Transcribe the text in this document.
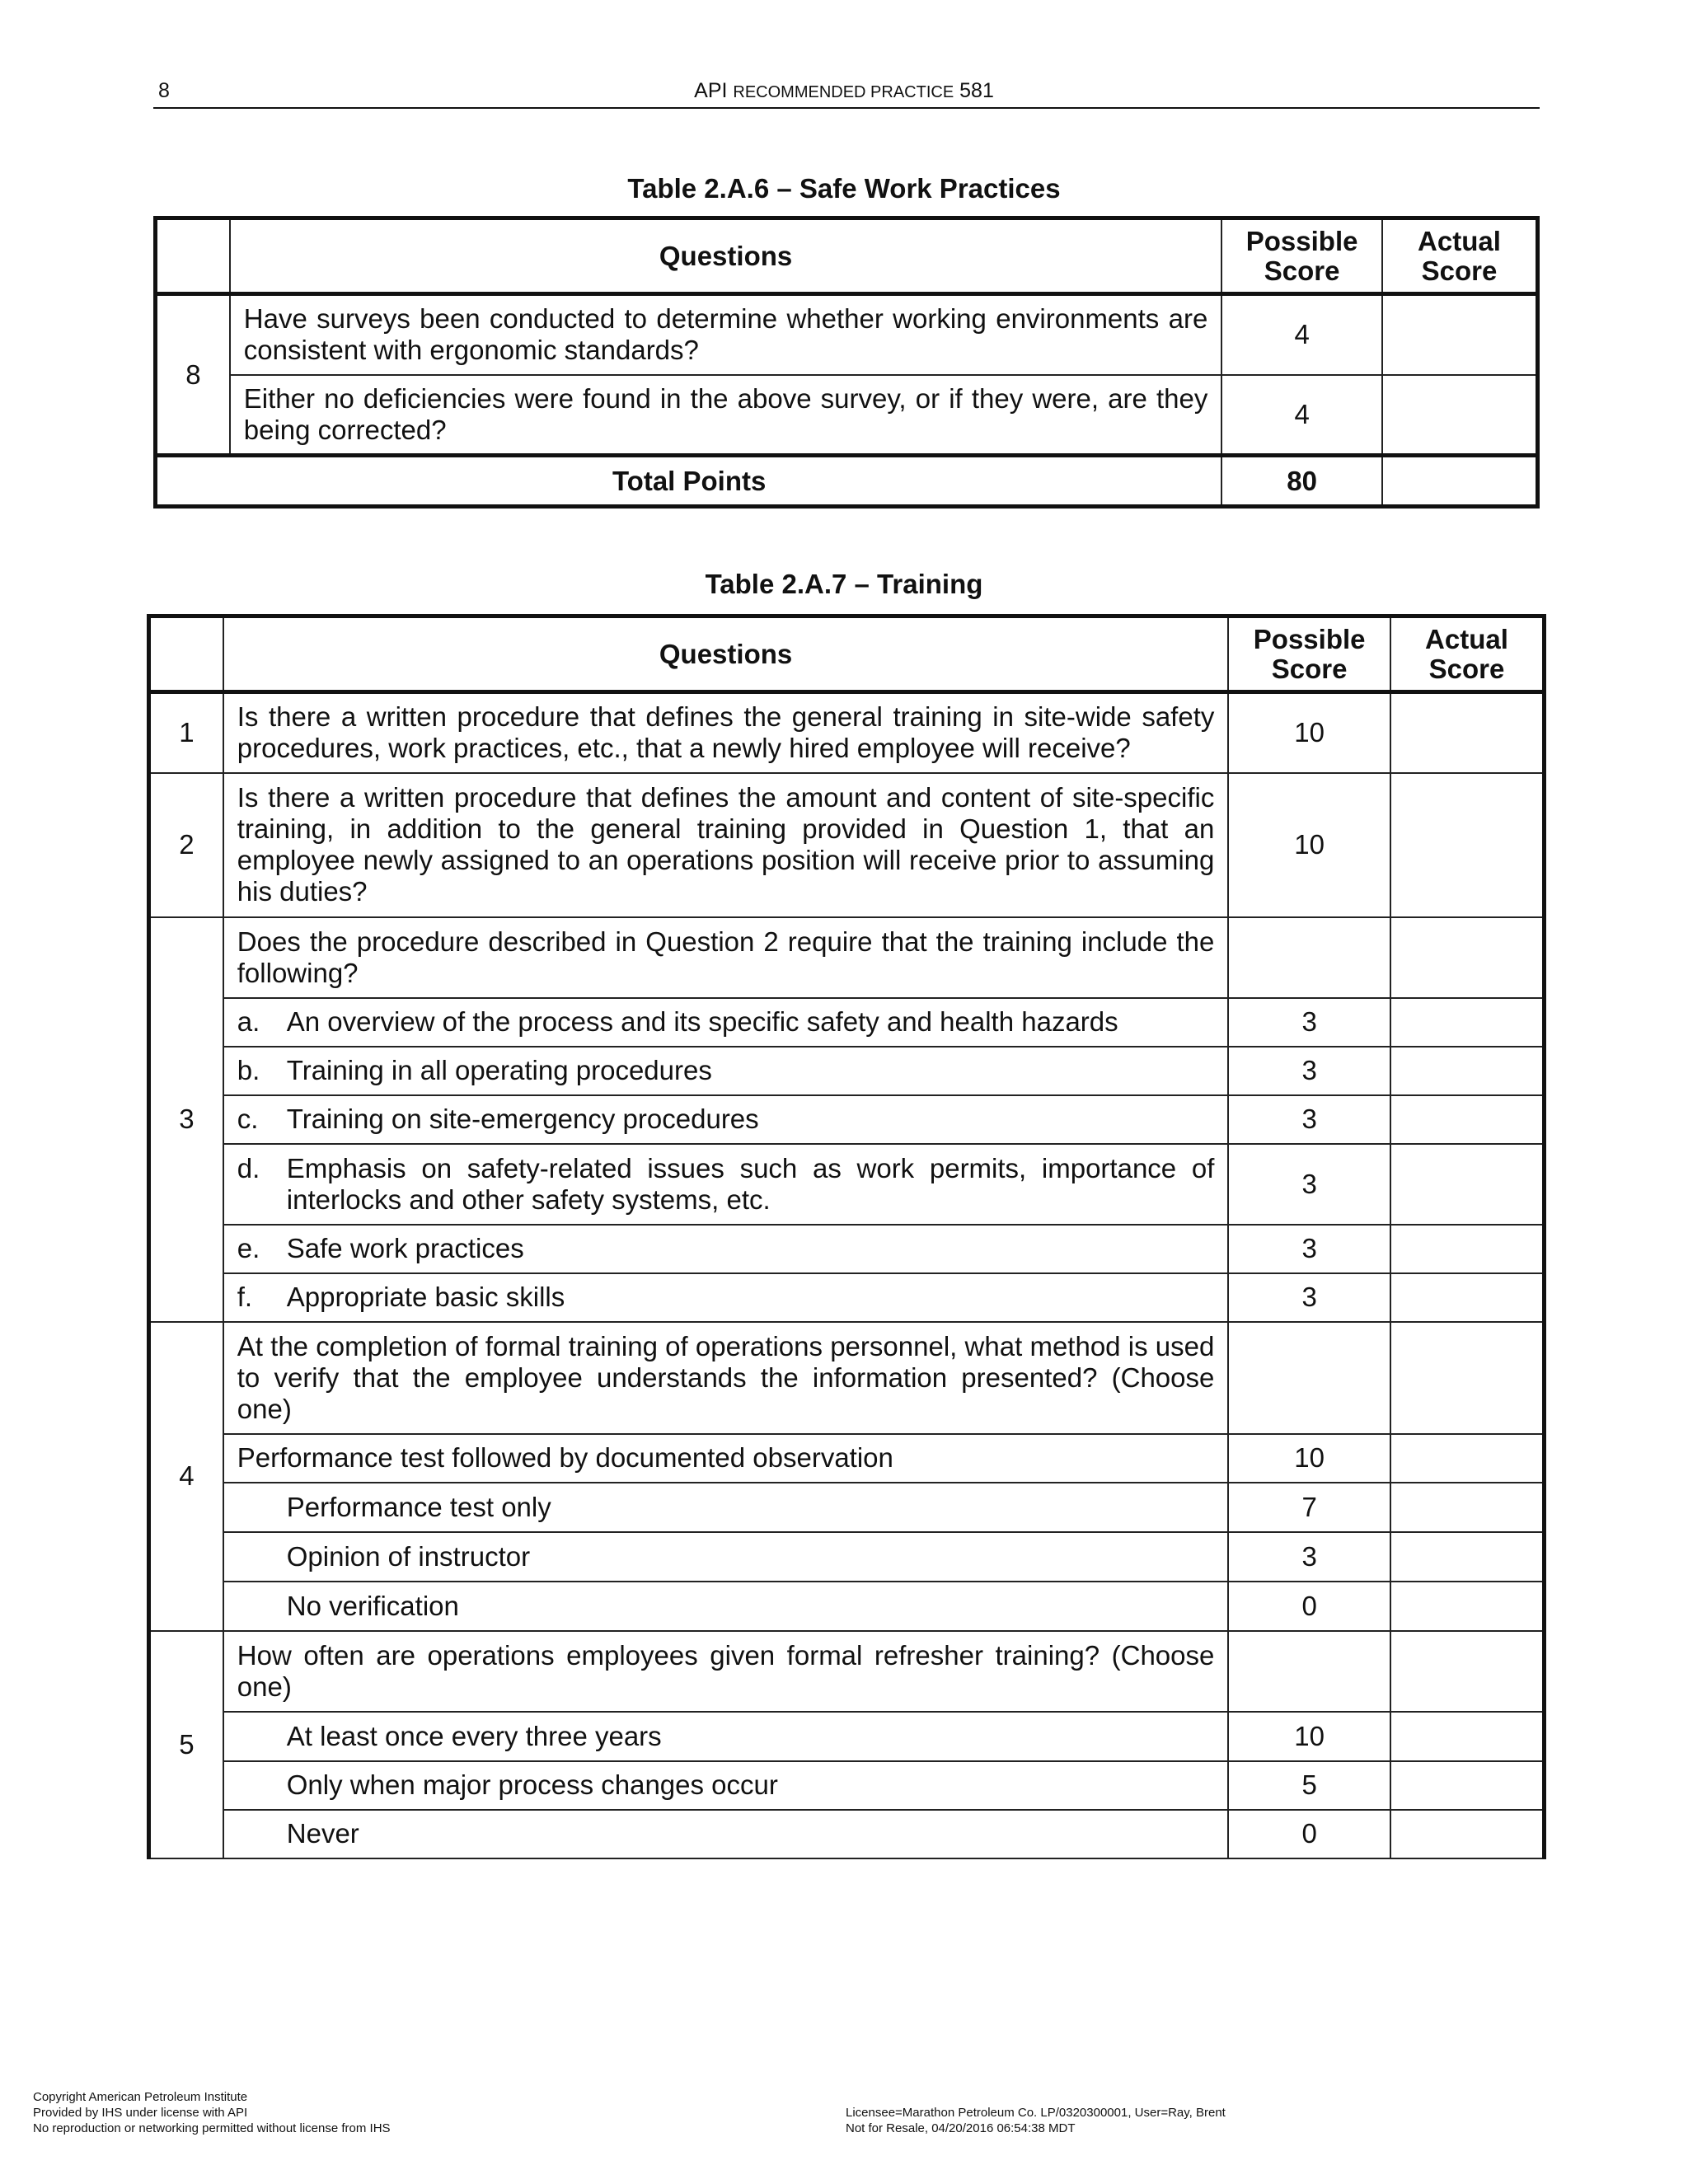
8	API RECOMMENDED PRACTICE 581
Table 2.A.6 – Safe Work Practices
	Questions	Possible Score	Actual Score
8	Have surveys been conducted to determine whether working environments are consistent with ergonomic standards?	4	
	Either no deficiencies were found in the above survey, or if they were, are they being corrected?	4	
Total Points		80	
Table 2.A.7 – Training
	Questions	Possible Score	Actual Score
1	Is there a written procedure that defines the general training in site-wide safety procedures, work practices, etc., that a newly hired employee will receive?	10	
2	Is there a written procedure that defines the amount and content of site-specific training, in addition to the general training provided in Question 1, that an employee newly assigned to an operations position will receive prior to assuming his duties?	10	
3	Does the procedure described in Question 2 require that the training include the following?		
	a. An overview of the process and its specific safety and health hazards	3	
	b. Training in all operating procedures	3	
	c. Training on site-emergency procedures	3	

	d. Emphasis on safety-related issues such as work permits, importance of interlocks and other safety systems, etc.	3	
	e. Safe work practices	3	
	f. Appropriate basic skills	3	
4	At the completion of formal training of operations personnel, what method is used to verify that the employee understands the information presented? (Choose one)		
	Performance test followed by documented observation	10	
	Performance test only	7	
	Opinion of instructor	3	
	No verification	0	
5	How often are operations employees given formal refresher training? (Choose one)		
	At least once every three years	10	
	Only when major process changes occur	5	
	Never	0	
Copyright American Petroleum Institute
Provided by IHS under license with API
No reproduction or networking permitted without license from IHS
Licensee=Marathon Petroleum Co. LP/0320300001, User=Ray, Brent
Not for Resale, 04/20/2016 06:54:38 MDT
